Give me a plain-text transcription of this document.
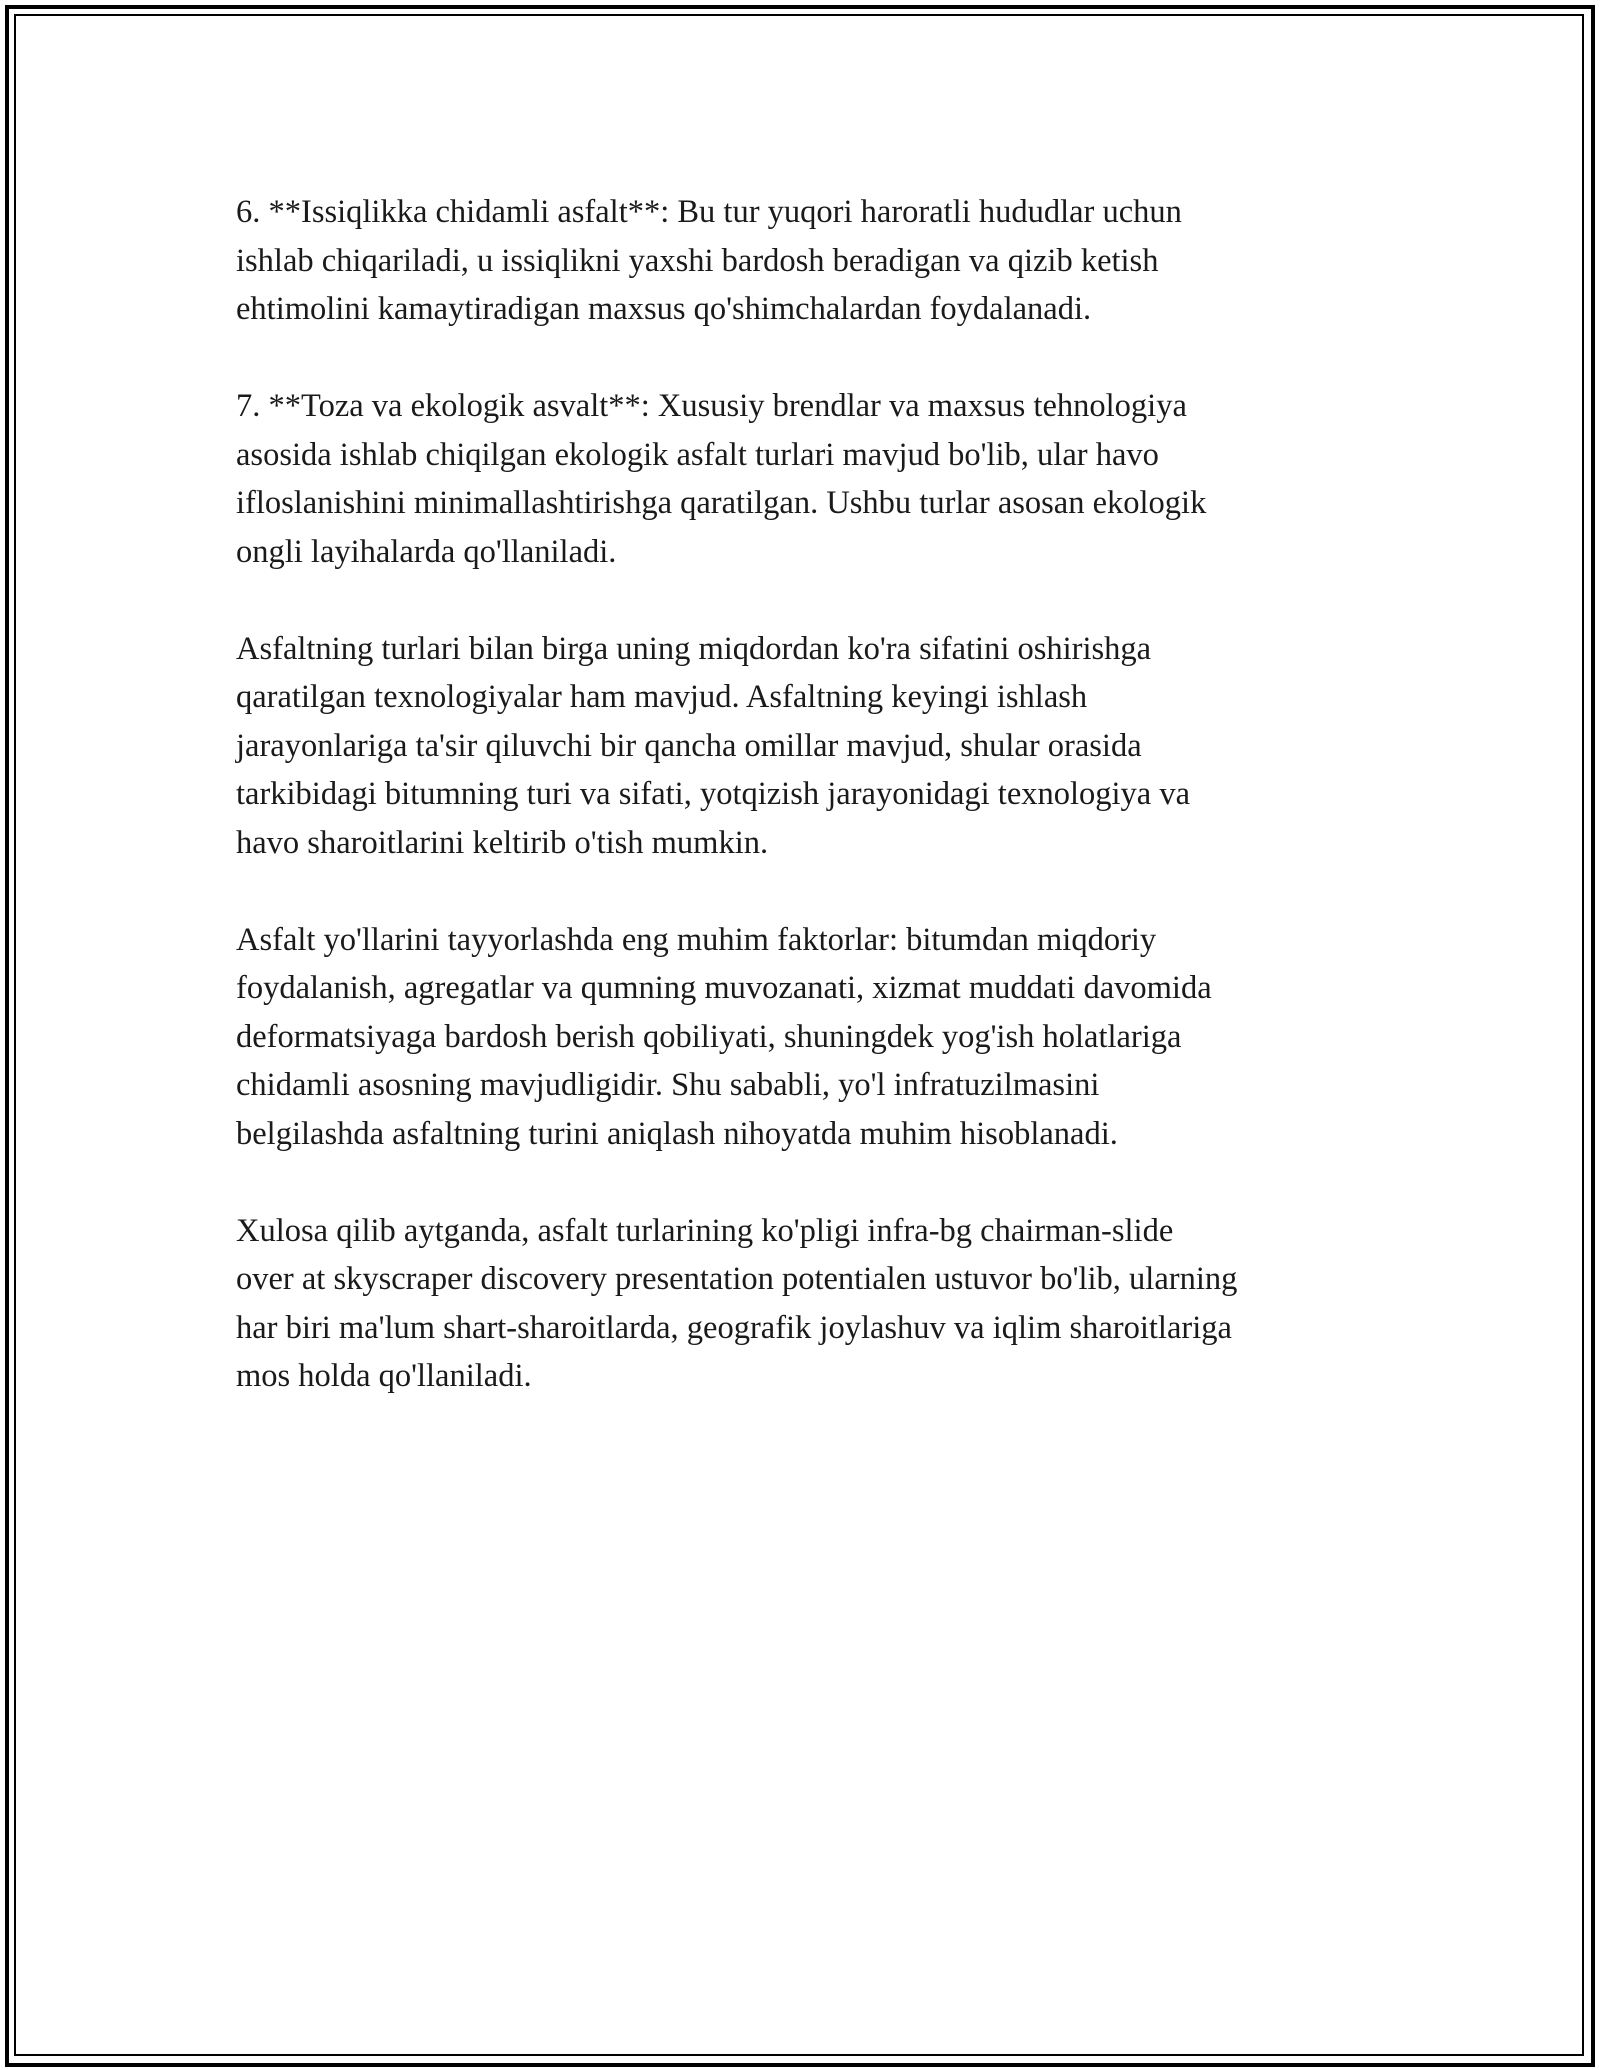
6. **Issiqlikka chidamli asfalt**: Bu tur yuqori haroratli hududlar uchun
ishlab chiqariladi, u issiqlikni yaxshi bardosh beradigan va qizib ketish
ehtimolini kamaytiradigan maxsus qo'shimchalardan foydalanadi.

7. **Toza va ekologik asvalt**: Xususiy brendlar va maxsus tehnologiya
asosida ishlab chiqilgan ekologik asfalt turlari mavjud bo'lib, ular havo
ifloslanishini minimallashtirishga qaratilgan. Ushbu turlar asosan ekologik
ongli layihalarda qo'llaniladi.

Asfaltning turlari bilan birga uning miqdordan ko'ra sifatini oshirishga
qaratilgan texnologiyalar ham mavjud. Asfaltning keyingi ishlash
jarayonlariga ta'sir qiluvchi bir qancha omillar mavjud, shular orasida
tarkibidagi bitumning turi va sifati, yotqizish jarayonidagi texnologiya va
havo sharoitlarini keltirib o'tish mumkin.

Asfalt yo'llarini tayyorlashda eng muhim faktorlar: bitumdan miqdoriy
foydalanish, agregatlar va qumning muvozanati, xizmat muddati davomida
deformatsiyaga bardosh berish qobiliyati, shuningdek yog'ish holatlariga
chidamli asosning mavjudligidir. Shu sababli, yo'l infratuzilmasini
belgilashda asfaltning turini aniqlash nihoyatda muhim hisoblanadi.

Xulosa qilib aytganda, asfalt turlarining ko'pligi infra-bg chairman-slide
over at skyscraper discovery presentation potentialen ustuvor bo'lib, ularning
har biri ma'lum shart-sharoitlarda, geografik joylashuv va iqlim sharoitlariga
mos holda qo'llaniladi.
